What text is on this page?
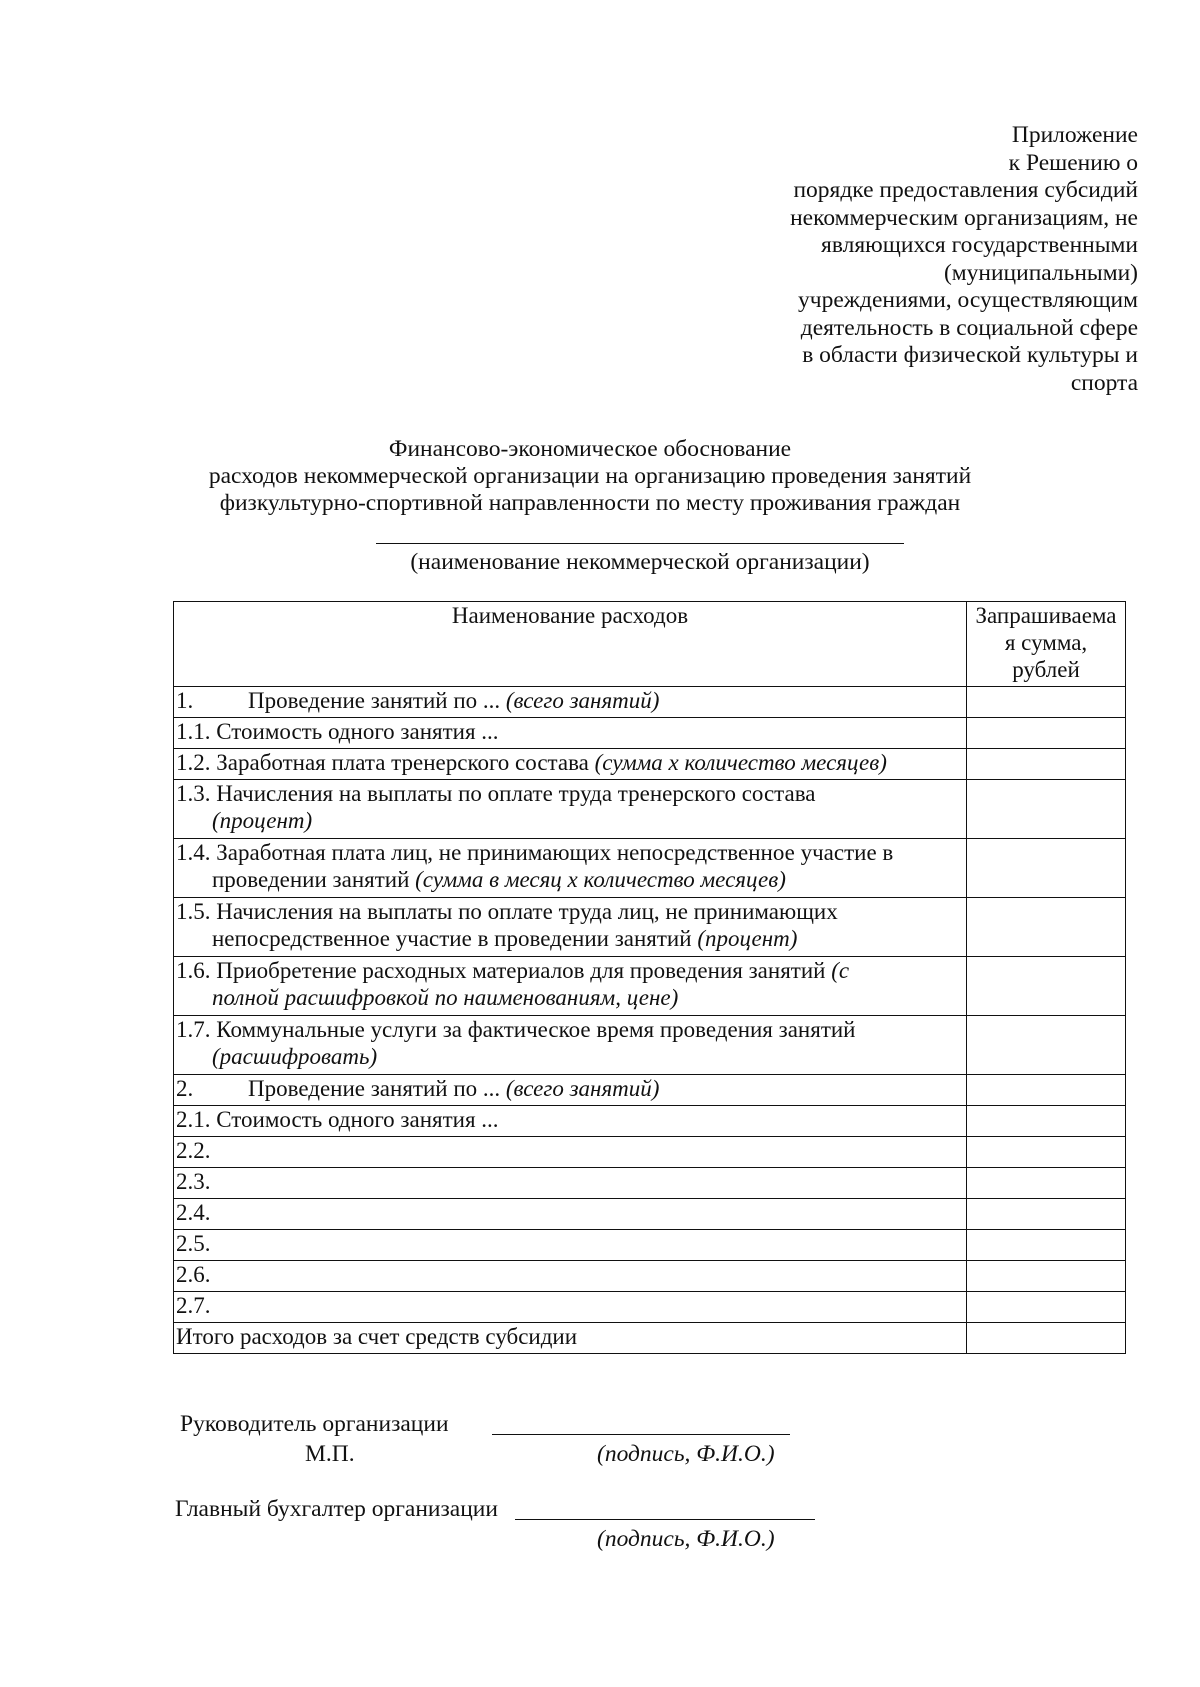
Приложение
к Решению о
порядке предоставления субсидий
некоммерческим организациям, не
являющихся государственными
(муниципальными)
учреждениями, осуществляющим
деятельность в социальной сфере
в области физической культуры и
спорта
Финансово-экономическое обоснование
расходов некоммерческой организации на организацию проведения занятий
физкультурно-спортивной направленности по месту проживания граждан
(наименование некоммерческой организации)
Наименование расходов	Запрашиваема
я сумма,
рублей

1. Проведение занятий по ... (всего занятий)	
1.1. Стоимость одного занятия ...	
1.2. Заработная плата тренерского состава (сумма х количество месяцев)	
1.3. Начисления на выплаты по оплате труда тренерского состава
(процент)	

1.4. Заработная плата лиц, не принимающих непосредственное участие в
проведении занятий (сумма в месяц х количество месяцев)	

1.5. Начисления на выплаты по оплате труда лиц, не принимающих
непосредственное участие в проведении занятий (процент)	

1.6. Приобретение расходных материалов для проведения занятий (с
полной расшифровкой по наименованиям, цене)	

1.7. Коммунальные услуги за фактическое время проведения занятий
(расшифровать)	

2. Проведение занятий по ... (всего занятий)	
2.1. Стоимость одного занятия ...	
2.2.	
2.3.	
2.4.	
2.5.	
2.6.	
2.7.	
Итого расходов за счет средств субсидии	
Руководитель организации
М.П.	(подпись, Ф.И.О.)
Главный бухгалтер организации
(подпись, Ф.И.О.)
